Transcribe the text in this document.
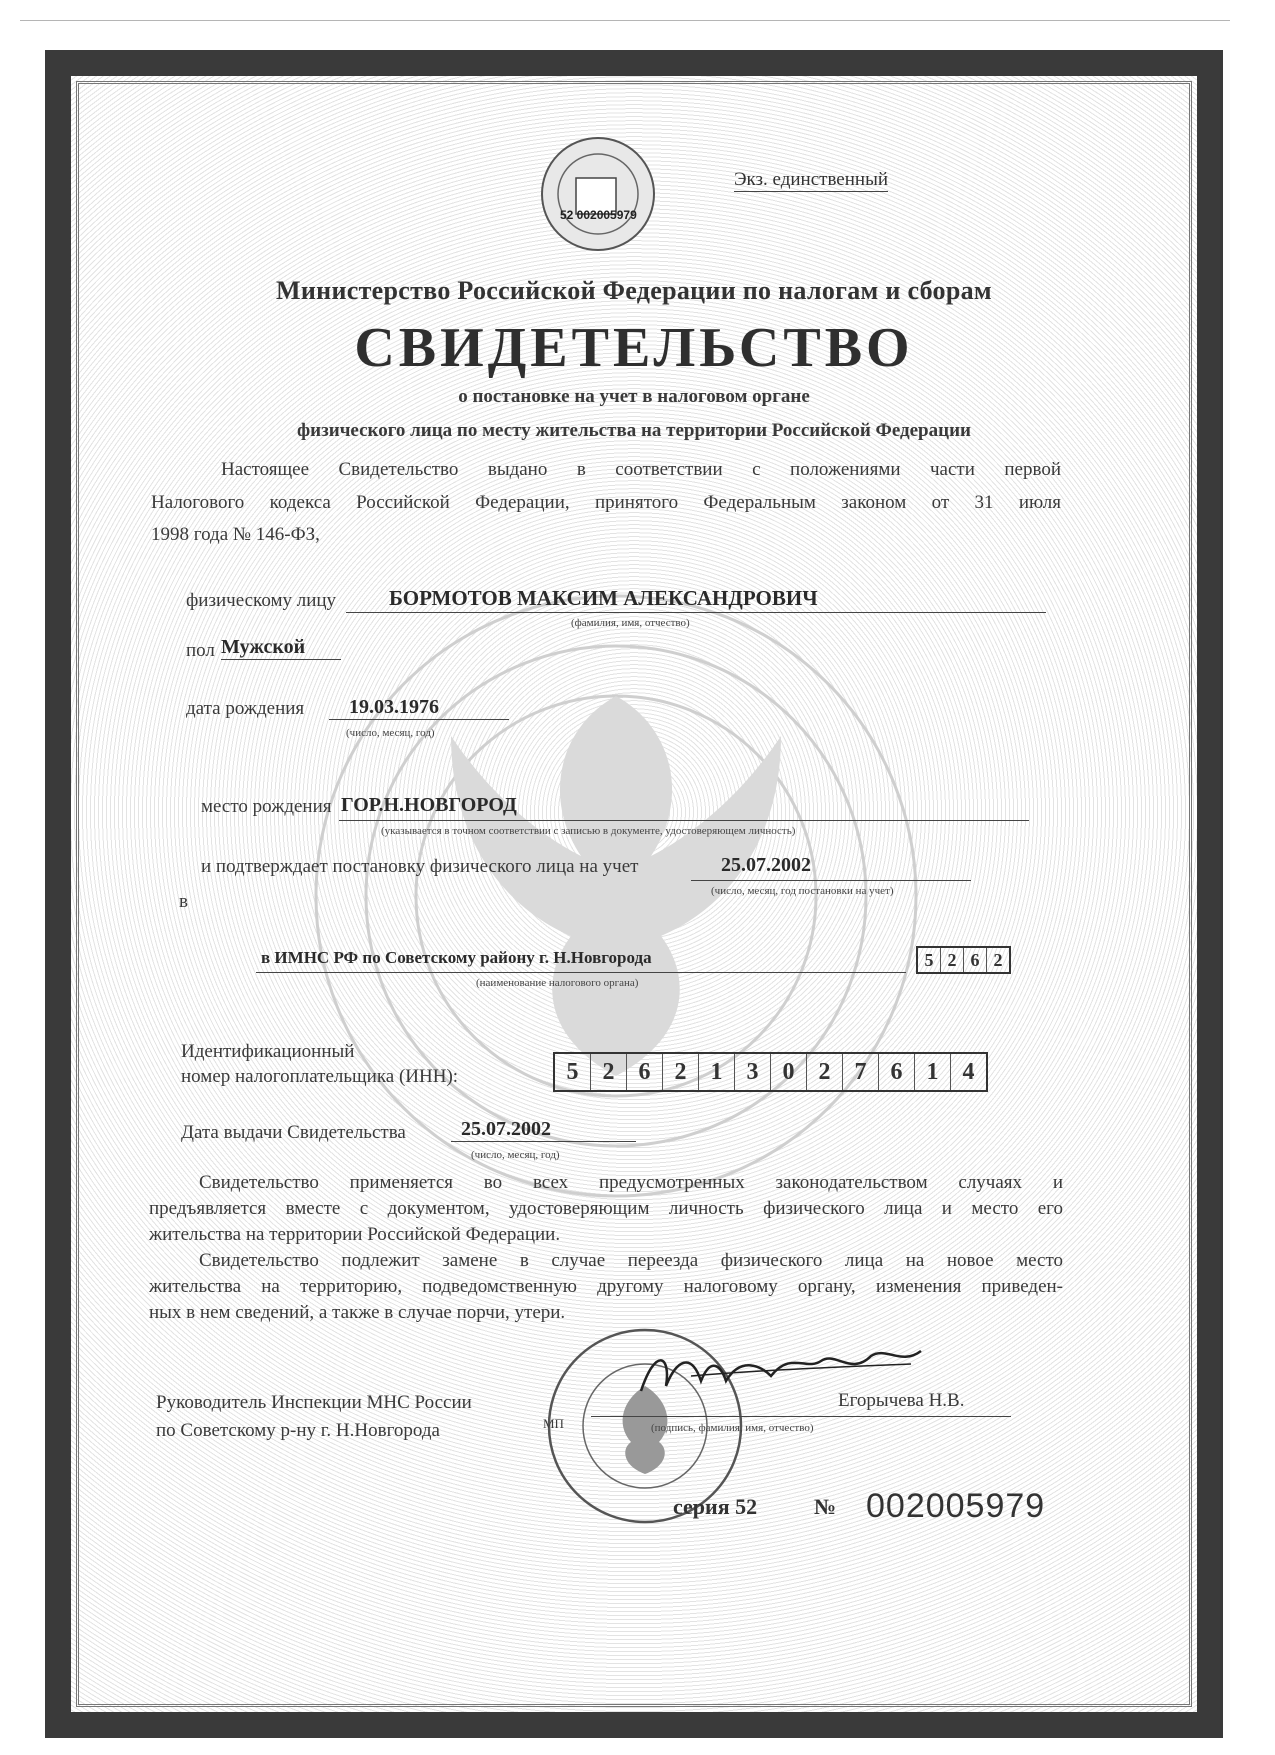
52 002005979
Экз. единственный
Министерство Российской Федерации по налогам и сборам
СВИДЕТЕЛЬСТВО
о постановке на учет в налоговом органе
физического лица по месту жительства на территории Российской Федерации
Настоящее Свидетельство выдано в соответствии с положениями части первой
Налогового кодекса Российской Федерации, принятого Федеральным законом от 31 июля
1998 года № 146-ФЗ,
физическому лицу	БОРМОТОВ МАКСИМ АЛЕКСАНДРОВИЧ
(фамилия, имя, отчество)
пол Мужской
дата рождения	19.03.1976
(число, месяц, год)
место рождения ГОР.Н.НОВГОРОД
(указывается в точном соответствии с записью в документе, удостоверяющем личность)
и подтверждает постановку физического лица на учет	25.07.2002
(число, месяц, год постановки на учет)
в
в ИМНС РФ по Советскому району г. Н.Новгорода
(наименование налогового органа)
5 2 6 2
Идентификационный
номер налогоплательщика (ИНН):	5	2	6	2	1	3	0	2	7	6	1	4
Дата выдачи Свидетельства	25.07.2002
(число, месяц, год)
Свидетельство применяется во всех предусмотренных законодательством случаях и
предъявляется вместе с документом, удостоверяющим личность физического лица и место его
жительства на территории Российской Федерации.
Свидетельство подлежит замене в случае переезда физического лица на новое место
жительства на территорию, подведомственную другому налоговому органу, изменения приведен-
ных в нем сведений, а также в случае порчи, утери.
Руководитель Инспекции МНС России
по Советскому р-ну г. Н.Новгорода	МП
Егорычева Н.В.
(подпись, фамилия, имя, отчество)
серия 52	№ 002005979
